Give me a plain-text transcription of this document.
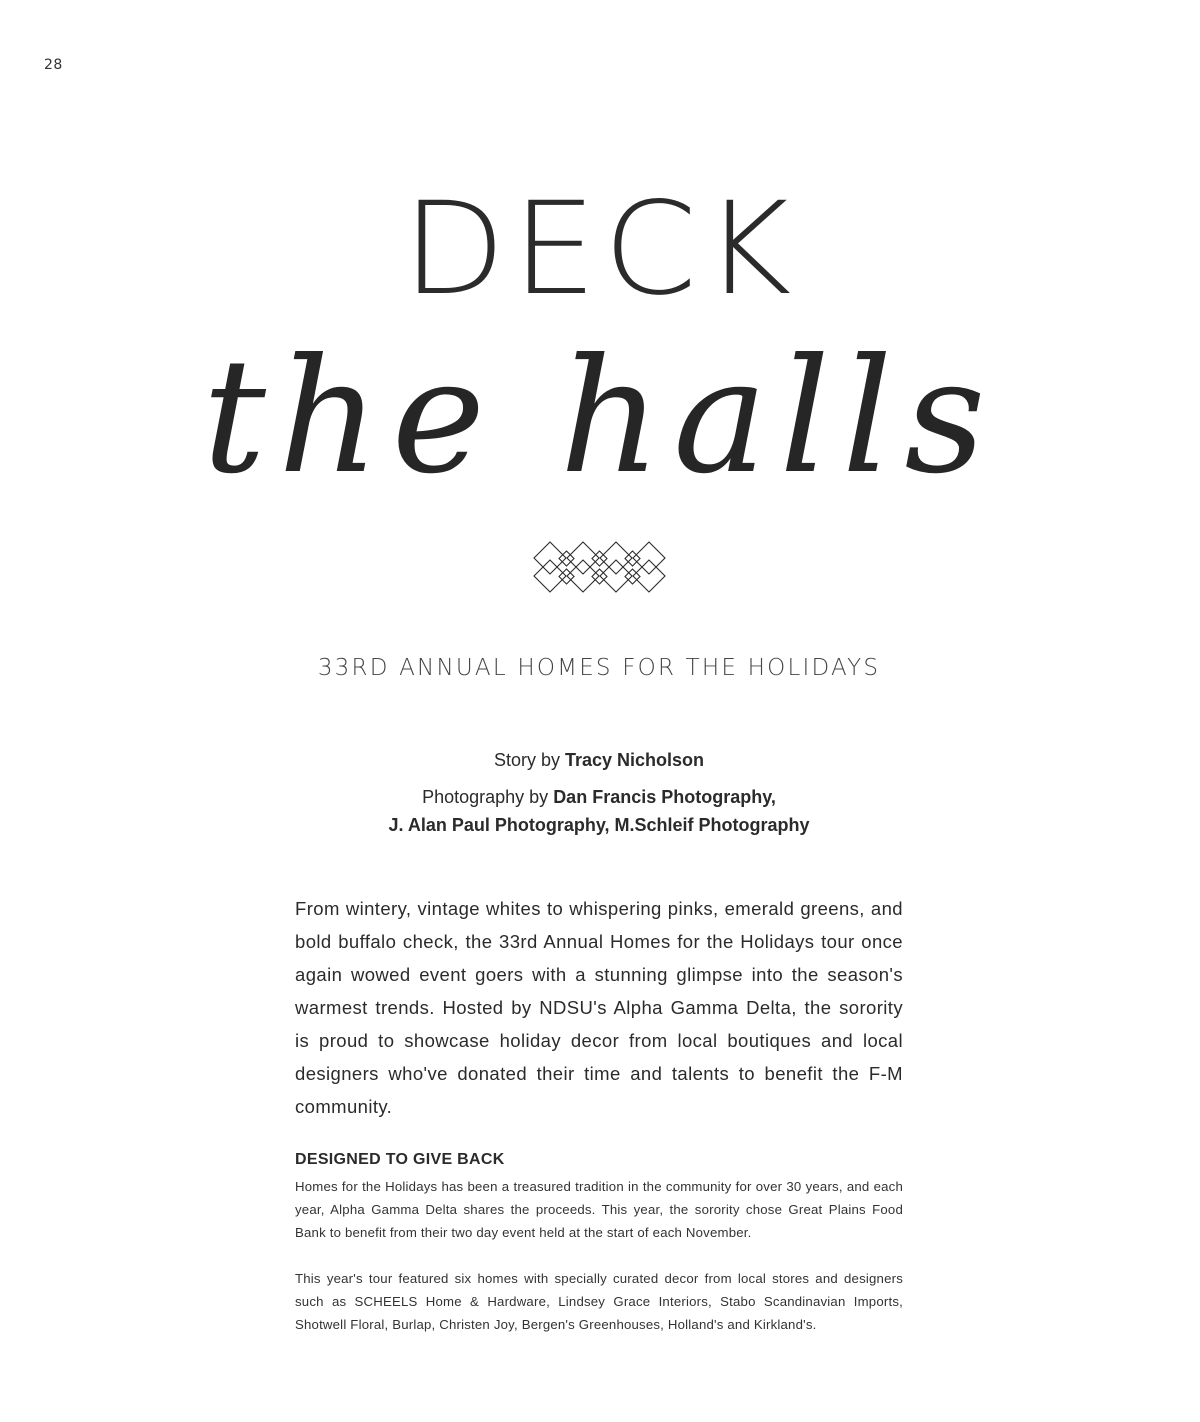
28
DECK
the halls
33RD ANNUAL HOMES FOR THE HOLIDAYS
Story by Tracy Nicholson
Photography by Dan Francis Photography,
J. Alan Paul Photography, M.Schleif Photography
From wintery, vintage whites to whispering pinks, emerald greens, and bold buffalo check, the 33rd Annual Homes for the Holidays tour once again wowed event goers with a stunning glimpse into the season's warmest trends. Hosted by NDSU's Alpha Gamma Delta, the sorority is proud to showcase holiday decor from local boutiques and local designers who've donated their time and talents to benefit the F-M community.
DESIGNED TO GIVE BACK
Homes for the Holidays has been a treasured tradition in the community for over 30 years, and each year, Alpha Gamma Delta shares the proceeds. This year, the sorority chose Great Plains Food Bank to benefit from their two day event held at the start of each November.
This year's tour featured six homes with specially curated decor from local stores and designers such as SCHEELS Home & Hardware, Lindsey Grace Interiors, Stabo Scandinavian Imports, Shotwell Floral, Burlap, Christen Joy, Bergen's Greenhouses, Holland's and Kirkland's.
